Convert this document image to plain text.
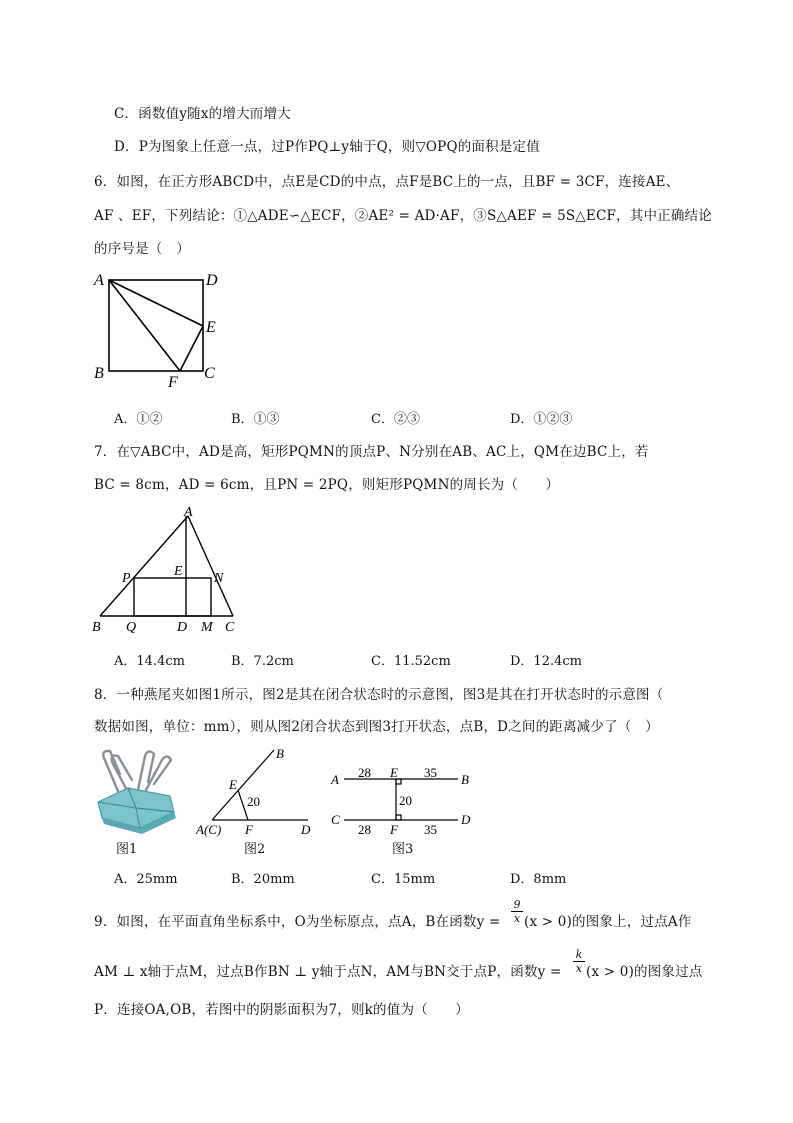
C．函数值y随x的增大而增大
D．P为图象上任意一点，过P作PQ⊥y轴于Q，则▽OPQ的面积是定值
6．如图，在正方形ABCD中，点E是CD的中点，点F是BC上的一点，且BF = 3CF，连接AE、
AF 、EF，下列结论：①△ADE∽△ECF，②AE² = AD·AF，③S△AEF = 5S△ECF，其中正确结论
的序号是（　）
A	D
E
B
F
C
A．①②	B．①③	C．②③	D．①②③
7．在▽ABC中，AD是高，矩形PQMN的顶点P、N分别在AB、AC上，QM在边BC上，若
BC = 8cm，AD = 6cm，且PN = 2PQ，则矩形PQMN的周长为（　　）
A
E
P	N
B Q	D M C
A．14.4cm	B．7.2cm	C．11.52cm	D．12.4cm
8．一种燕尾夹如图1所示，图2是其在闭合状态时的示意图，图3是其在打开状态时的示意图（
数据如图，单位：mm），则从图2闭合状态到图3打开状态，点B，D之间的距离减少了（　）
图1
B
E
20
A(C) F	D
图2
A 28 E 35 B
20
C
28 F 35
D
图3
A．25mm	B．20mm	C．15mm	D．8mm
9．如图，在平面直角坐标系中，O为坐标原点，点A，B在函数$y = \frac{9}{x} (x > 0)$的图象上，过点A作
AM ⊥ x轴于点M，过点B作BN ⊥ y轴于点N，AM与BN交于点P，函数$y = \frac{k}{x} (x > 0)$的图象过点
P．连接OA,OB，若图中的阴影面积为7，则k的值为（　　）
